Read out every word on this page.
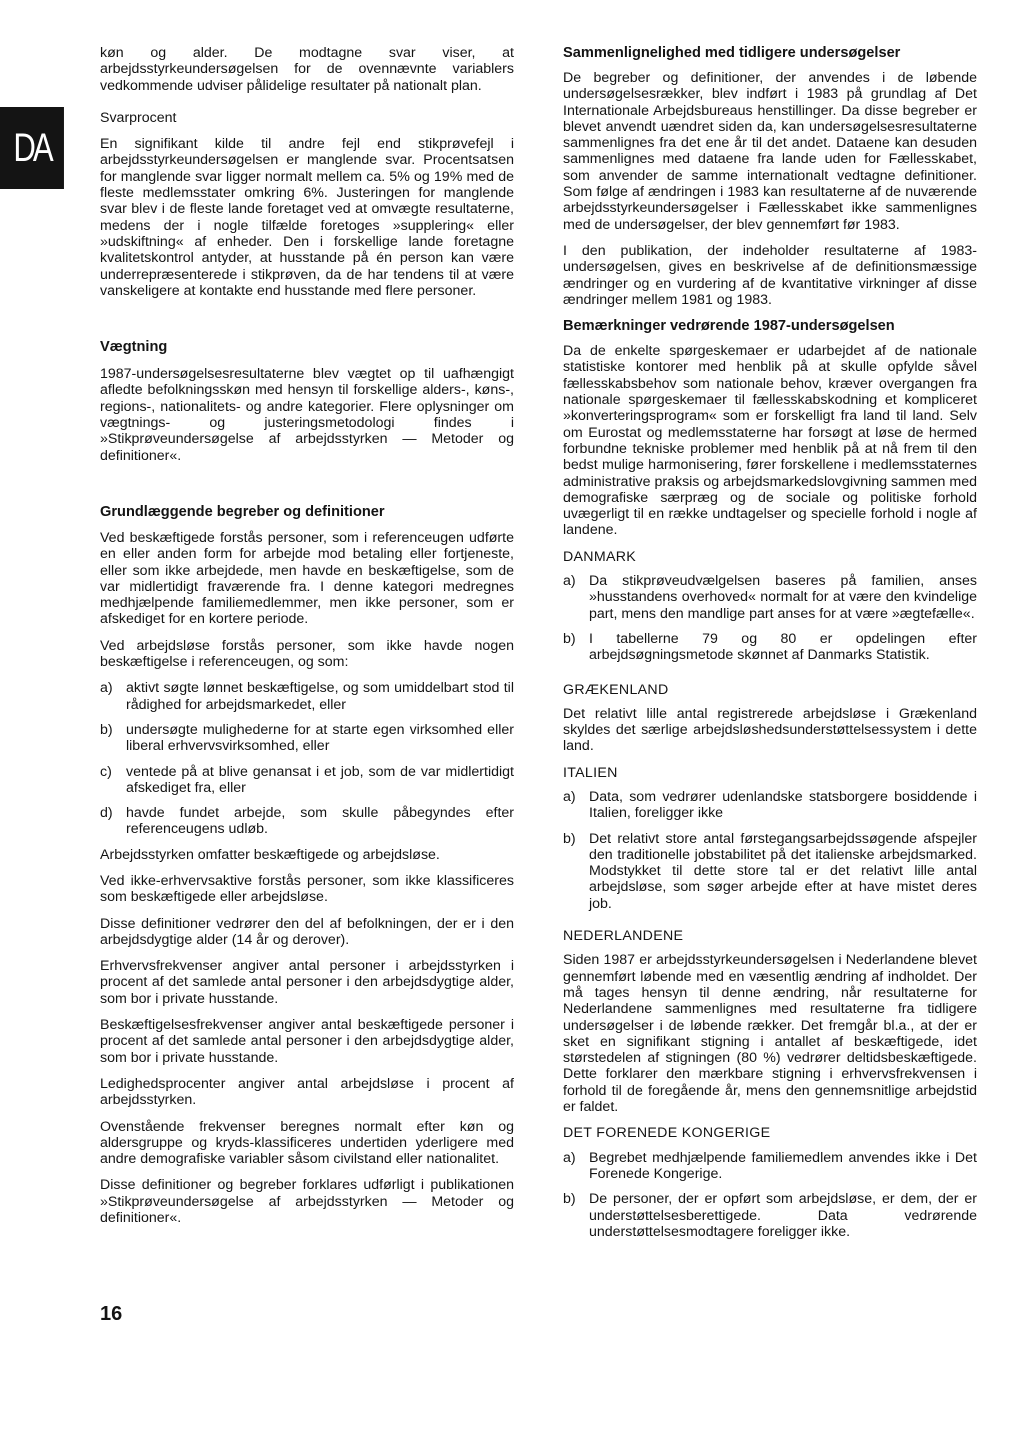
DA

køn og alder. De modtagne svar viser, at arbejdsstyrkeundersøgelsen for de ovennævnte variablers vedkommende udviser pålidelige resultater på nationalt plan.

Svarprocent

En signifikant kilde til andre fejl end stikprøvefejl i arbejdsstyrkeundersøgelsen er manglende svar. Procentsatsen for manglende svar ligger normalt mellem ca. 5% og 19% med de fleste medlemsstater omkring 6%. Justeringen for manglende svar blev i de fleste lande foretaget ved at omvægte resultaterne, medens der i nogle tilfælde foretoges »supplering« eller »udskiftning« af enheder. Den i forskellige lande foretagne kvalitetskontrol antyder, at husstande på én person kan være underrepræsenterede i stikprøven, da de har tendens til at være vanskeligere at kontakte end husstande med flere personer.

Vægtning

1987-undersøgelsesresultaterne blev vægtet op til uafhængigt afledte befolkningsskøn med hensyn til forskellige alders-, køns-, regions-, nationalitets- og andre kategorier. Flere oplysninger om vægtnings- og justeringsmetodologi findes i »Stikprøveundersøgelse af arbejdsstyrken — Metoder og definitioner«.

Grundlæggende begreber og definitioner

Ved beskæftigede forstås personer, som i referenceugen udførte en eller anden form for arbejde mod betaling eller fortjeneste, eller som ikke arbejdede, men havde en beskæftigelse, som de var midlertidigt fraværende fra. I denne kategori medregnes medhjælpende familiemedlemmer, men ikke personer, som er afskediget for en kortere periode.

Ved arbejdsløse forstås personer, som ikke havde nogen beskæftigelse i referenceugen, og som:

a) aktivt søgte lønnet beskæftigelse, og som umiddelbart stod til rådighed for arbejdsmarkedet, eller
b) undersøgte mulighederne for at starte egen virksomhed eller liberal erhvervsvirksomhed, eller
c) ventede på at blive genansat i et job, som de var midlertidigt afskediget fra, eller
d) havde fundet arbejde, som skulle påbegyndes efter referenceugens udløb.

Arbejdsstyrken omfatter beskæftigede og arbejdsløse.

Ved ikke-erhvervsaktive forstås personer, som ikke klassificeres som beskæftigede eller arbejdsløse.

Disse definitioner vedrører den del af befolkningen, der er i den arbejdsdygtige alder (14 år og derover).

Erhvervsfrekvenser angiver antal personer i arbejdsstyrken i procent af det samlede antal personer i den arbejdsdygtige alder, som bor i private husstande.

Beskæftigelsesfrekvenser angiver antal beskæftigede personer i procent af det samlede antal personer i den arbejdsdygtige alder, som bor i private husstande.

Ledighedsprocenter angiver antal arbejdsløse i procent af arbejdsstyrken.

Ovenstående frekvenser beregnes normalt efter køn og aldersgruppe og kryds-klassificeres undertiden yderligere med andre demografiske variabler såsom civilstand eller nationalitet.

Disse definitioner og begreber forklares udførligt i publikationen »Stikprøveundersøgelse af arbejdsstyrken — Metoder og definitioner«.

Sammenlignelighed med tidligere undersøgelser

De begreber og definitioner, der anvendes i de løbende undersøgelsesrækker, blev indført i 1983 på grundlag af Det Internationale Arbejdsbureaus henstillinger. Da disse begreber er blevet anvendt uændret siden da, kan undersøgelsesresultaterne sammenlignes fra det ene år til det andet. Dataene kan desuden sammenlignes med dataene fra lande uden for Fællesskabet, som anvender de samme internationalt vedtagne definitioner. Som følge af ændringen i 1983 kan resultaterne af de nuværende arbejdsstyrkeundersøgelser i Fællesskabet ikke sammenlignes med de undersøgelser, der blev gennemført før 1983.

I den publikation, der indeholder resultaterne af 1983-undersøgelsen, gives en beskrivelse af de definitionsmæssige ændringer og en vurdering af de kvantitative virkninger af disse ændringer mellem 1981 og 1983.

Bemærkninger vedrørende 1987-undersøgelsen

Da de enkelte spørgeskemaer er udarbejdet af de nationale statistiske kontorer med henblik på at skulle opfylde såvel fællesskabsbehov som nationale behov, kræver overgangen fra nationale spørgeskemaer til fællesskabskodning et kompliceret »konverteringsprogram« som er forskelligt fra land til land. Selv om Eurostat og medlemsstaterne har forsøgt at løse de hermed forbundne tekniske problemer med henblik på at nå frem til den bedst mulige harmonisering, fører forskellene i medlemsstaternes administrative praksis og arbejdsmarkedslovgivning sammen med demografiske særpræg og de sociale og politiske forhold uvægerligt til en række undtagelser og specielle forhold i nogle af landene.

DANMARK
a) Da stikprøveudvælgelsen baseres på familien, anses »husstandens overhoved« normalt for at være den kvindelige part, mens den mandlige part anses for at være »ægtefælle«.
b) I tabellerne 79 og 80 er opdelingen efter arbejdsøgningsmetode skønnet af Danmarks Statistik.
GRÆKENLAND

Det relativt lille antal registrerede arbejdsløse i Grækenland skyldes det særlige arbejdsløshedsunderstøttelsessystem i dette land.

ITALIEN
a) Data, som vedrører udenlandske statsborgere bosiddende i Italien, foreligger ikke
b) Det relativt store antal førstegangsarbejdssøgende afspejler den traditionelle jobstabilitet på det italienske arbejdsmarked. Modstykket til dette store tal er det relativt lille antal arbejdsløse, som søger arbejde efter at have mistet deres job.
NEDERLANDENE

Siden 1987 er arbejdsstyrkeundersøgelsen i Nederlandene blevet gennemført løbende med en væsentlig ændring af indholdet. Der må tages hensyn til denne ændring, når resultaterne for Nederlandene sammenlignes med resultaterne fra tidligere undersøgelser i de løbende rækker. Det fremgår bl.a., at der er sket en signifikant stigning i antallet af beskæftigede, idet størstedelen af stigningen (80 %) vedrører deltidsbeskæftigede. Dette forklarer den mærkbare stigning i erhvervsfrekvensen i forhold til de foregående år, mens den gennemsnitlige arbejdstid er faldet.

DET FORENEDE KONGERIGE
a) Begrebet medhjælpende familiemedlem anvendes ikke i Det Forenede Kongerige.
b) De personer, der er opført som arbejdsløse, er dem, der er understøttelsesberettigede. Data vedrørende understøttelsesmodtagere foreligger ikke.
16
